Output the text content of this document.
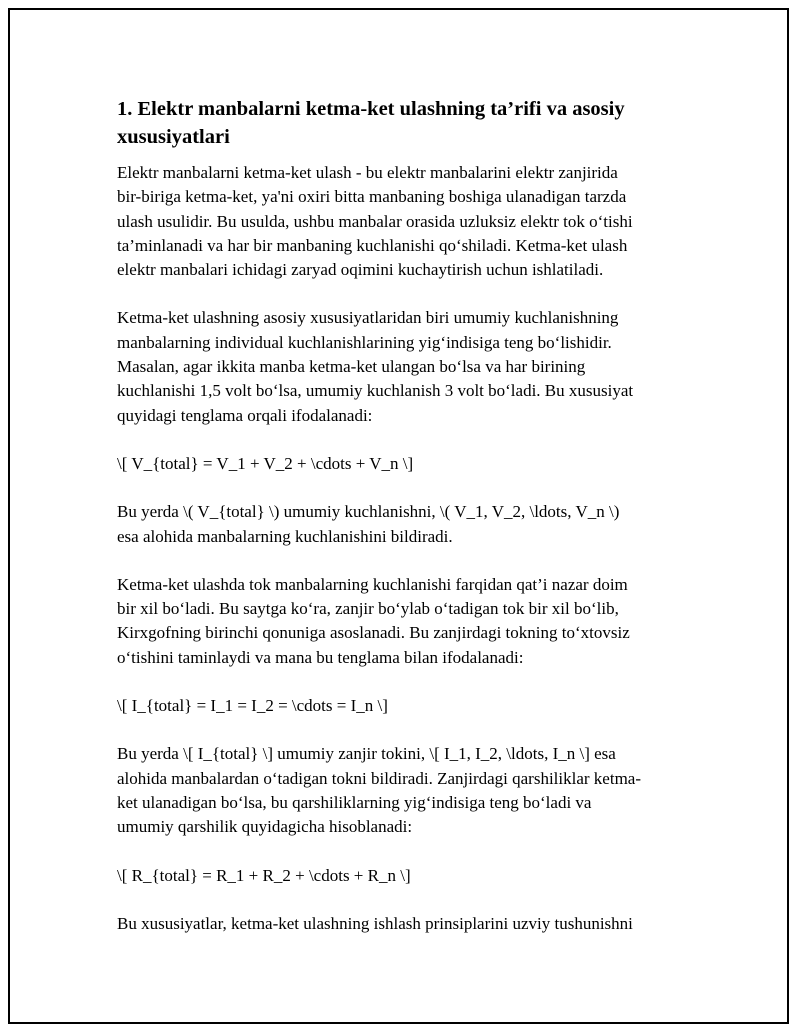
1. Elektr manbalarni ketma-ket ulashning ta’rifi va asosiy
xususiyatlari

Elektr manbalarni ketma-ket ulash - bu elektr manbalarini elektr zanjirida
bir-biriga ketma-ket, ya'ni oxiri bitta manbaning boshiga ulanadigan tarzda
ulash usulidir. Bu usulda, ushbu manbalar orasida uzluksiz elektr tok o‘tishi
ta’minlanadi va har bir manbaning kuchlanishi qo‘shiladi. Ketma-ket ulash
elektr manbalari ichidagi zaryad oqimini kuchaytirish uchun ishlatiladi.

Ketma-ket ulashning asosiy xususiyatlaridan biri umumiy kuchlanishning
manbalarning individual kuchlanishlarining yig‘indisiga teng bo‘lishidir.
Masalan, agar ikkita manba ketma-ket ulangan bo‘lsa va har birining
kuchlanishi 1,5 volt bo‘lsa, umumiy kuchlanish 3 volt bo‘ladi. Bu xususiyat
quyidagi tenglama orqali ifodalanadi:

\[ V_{total} = V_1 + V_2 + \cdots + V_n \]

Bu yerda \( V_{total} \) umumiy kuchlanishni, \( V_1, V_2, \ldots, V_n \)
esa alohida manbalarning kuchlanishini bildiradi.

Ketma-ket ulashda tok manbalarning kuchlanishi farqidan qat’i nazar doim
bir xil bo‘ladi. Bu saytga ko‘ra, zanjir bo‘ylab o‘tadigan tok bir xil bo‘lib,
Kirxgofning birinchi qonuniga asoslanadi. Bu zanjirdagi tokning to‘xtovsiz
o‘tishini taminlaydi va mana bu tenglama bilan ifodalanadi:

\[ I_{total} = I_1 = I_2 = \cdots = I_n \]

Bu yerda \[ I_{total} \] umumiy zanjir tokini, \[ I_1, I_2, \ldots, I_n \] esa
alohida manbalardan o‘tadigan tokni bildiradi. Zanjirdagi qarshiliklar ketma-
ket ulanadigan bo‘lsa, bu qarshiliklarning yig‘indisiga teng bo‘ladi va
umumiy qarshilik quyidagicha hisoblanadi:

\[ R_{total} = R_1 + R_2 + \cdots + R_n \]

Bu xususiyatlar, ketma-ket ulashning ishlash prinsiplarini uzviy tushunishni
